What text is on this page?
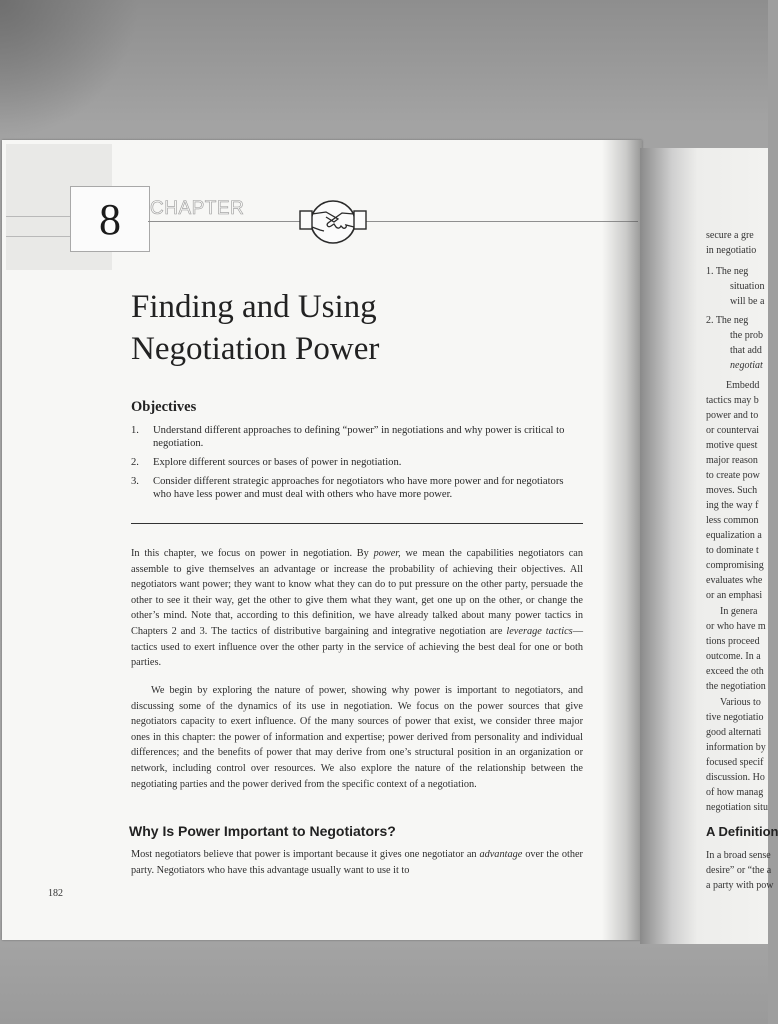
8 CHAPTER
Finding and Using
Negotiation Power
Objectives
1.	Understand different approaches to defining “power” in negotiations and why power is critical to negotiation.
2.	Explore different sources or bases of power in negotiation.
3.	Consider different strategic approaches for negotiators who have more power and for negotiators who have less power and must deal with others who have more power.

In this chapter, we focus on power in negotiation. By power, we mean the capabilities negotiators can assemble to give themselves an advantage or increase the probability of achieving their objectives. All negotiators want power; they want to know what they can do to put pressure on the other party, persuade the other to see it their way, get the other to give them what they want, get one up on the other, or change the other’s mind. Note that, according to this definition, we have already talked about many power tactics in Chapters 2 and 3. The tactics of distributive bargaining and integrative negotiation are leverage tactics—tactics used to exert influence over the other party in the service of achieving the best deal for one or both parties.

We begin by exploring the nature of power, showing why power is important to negotiators, and discussing some of the dynamics of its use in negotiation. We focus on the power sources that give negotiators capacity to exert influence. Of the many sources of power that exist, we consider three major ones in this chapter: the power of information and expertise; power derived from personality and individual differences; and the benefits of power that may derive from one’s structural position in an organization or network, including control over resources. We also explore the nature of the relationship between the negotiating parties and the power derived from the specific context of a negotiation.

Why Is Power Important to Negotiators?

Most negotiators believe that power is important because it gives one negotiator an advantage over the other party. Negotiators who have this advantage usually want to use it to

182
secure a gre
in negotiatio
1. The neg
situation
will be a
2. The neg
the prob
that add
negotiat
Embedd
tactics may b
power and to
or countervai
motive quest
major reason
to create pow
moves. Such
ing the way f
less common
equalization a
to dominate t
compromising
evaluates whe
or an emphasi
In genera
or who have m
tions proceed
outcome. In a
exceed the oth
the negotiation
Various to
tive negotiatio
good alternati
information by
focused specif
discussion. Ho
of how manag
negotiation situ
A Definition
In a broad sense
desire” or “the a
a party with pow
